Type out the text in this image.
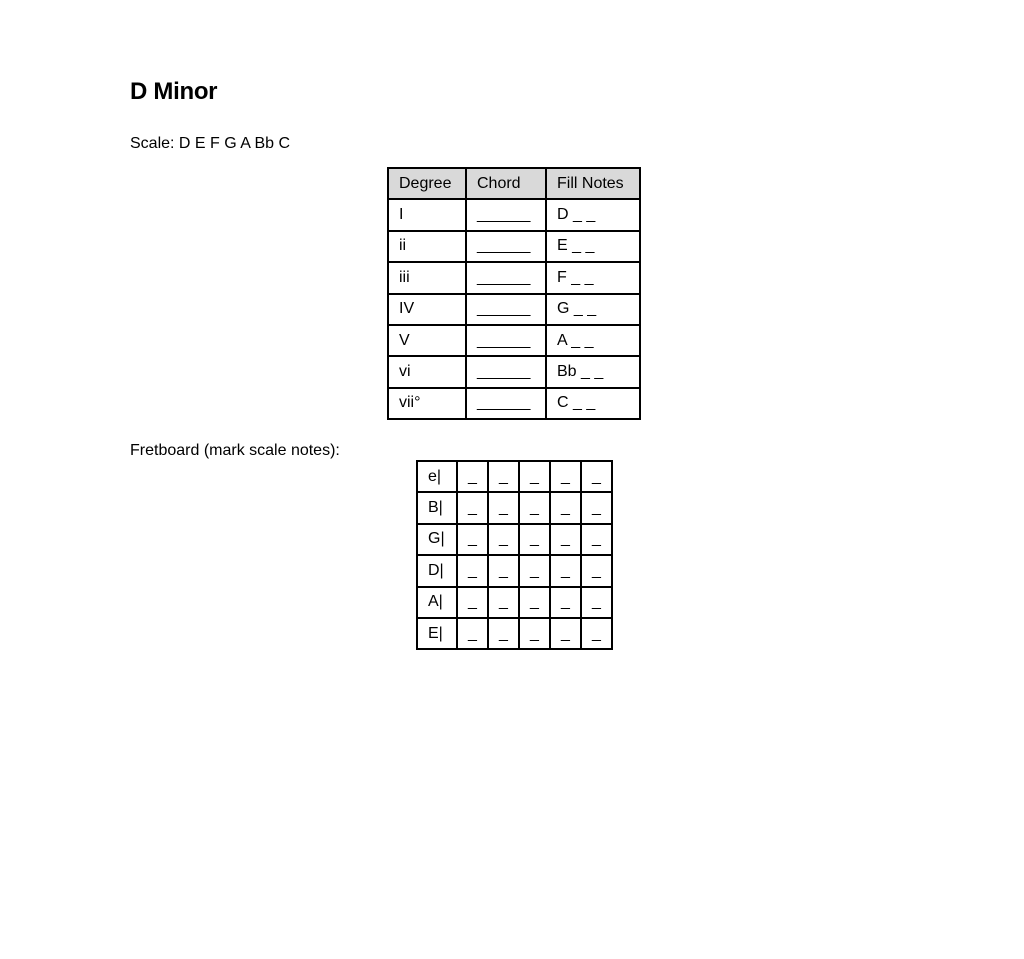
D Minor
Scale: D E F G A Bb C
Degree	Chord	Fill Notes
I	______	D _ _
ii	______	E _ _
iii	______	F _ _
IV	______	G _ _
V	______	A _ _
vi	______	Bb _ _
vii°	______	C _ _
Fretboard (mark scale notes):
e|	_	_	_	_	_
B|	_	_	_	_	_
G|	_	_	_	_	_
D|	_	_	_	_	_
A|	_	_	_	_	_
E|	_	_	_	_	_
